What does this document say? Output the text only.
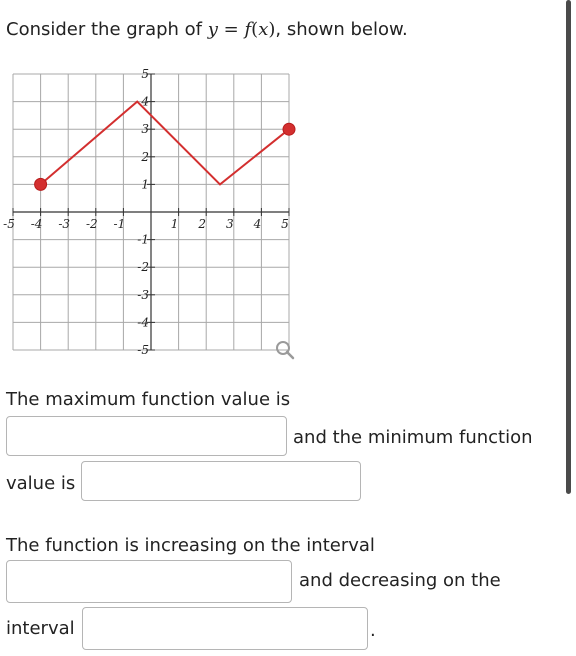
Consider the graph of y = f(x), shown below.
-5 -4 -3 -2 -1	1 2 3 4 5
5
4
3
2
1
-1
-2
-3
-4
-5
The maximum function value is
and the minimum function
value is
The function is increasing on the interval
and decreasing on the
interval	.
